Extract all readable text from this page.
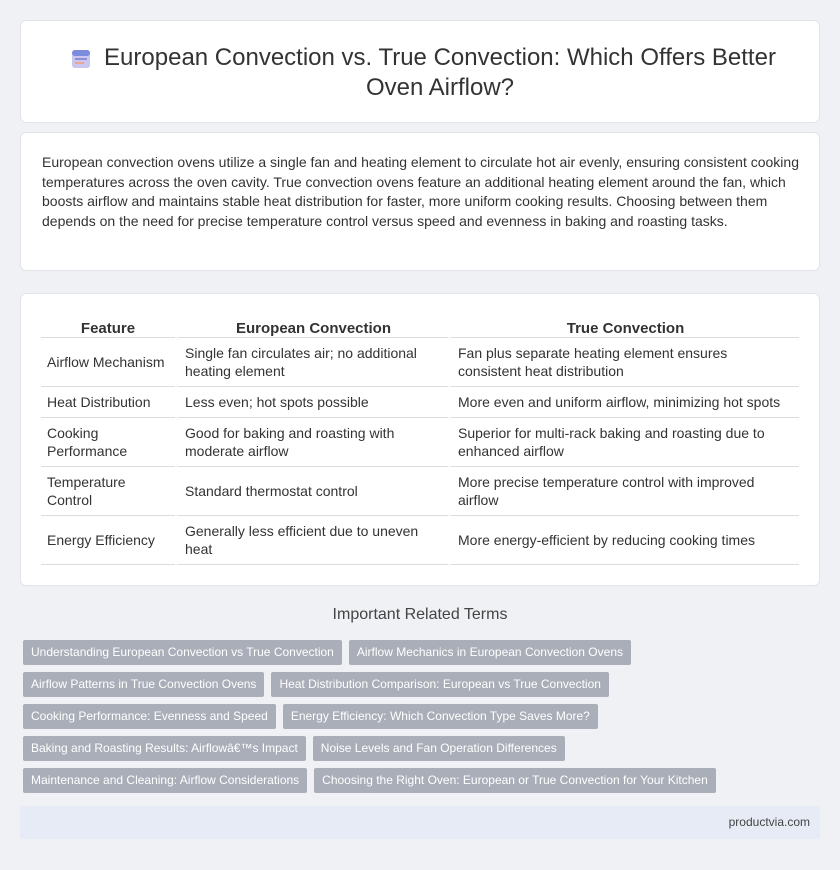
European Convection vs. True Convection: Which Offers Better Oven Airflow?

European convection ovens utilize a single fan and heating element to circulate hot air evenly, ensuring consistent cooking temperatures across the oven cavity. True convection ovens feature an additional heating element around the fan, which boosts airflow and maintains stable heat distribution for faster, more uniform cooking results. Choosing between them depends on the need for precise temperature control versus speed and evenness in baking and roasting tasks.

Feature	European Convection	True Convection
Airflow Mechanism	Single fan circulates air; no additional heating element	Fan plus separate heating element ensures consistent heat distribution
Heat Distribution	Less even; hot spots possible	More even and uniform airflow, minimizing hot spots
Cooking Performance	Good for baking and roasting with moderate airflow	Superior for multi-rack baking and roasting due to enhanced airflow
Temperature Control	Standard thermostat control	More precise temperature control with improved airflow
Energy Efficiency	Generally less efficient due to uneven heat	More energy-efficient by reducing cooking times
Important Related Terms
Understanding European Convection vs True Convection	Airflow Mechanics in European Convection Ovens
Airflow Patterns in True Convection Ovens	Heat Distribution Comparison: European vs True Convection
Cooking Performance: Evenness and Speed	Energy Efficiency: Which Convection Type Saves More?
Baking and Roasting Results: Airflowâ€™s Impact	Noise Levels and Fan Operation Differences
Maintenance and Cleaning: Airflow Considerations	Choosing the Right Oven: European or True Convection for Your Kitchen
productvia.com
